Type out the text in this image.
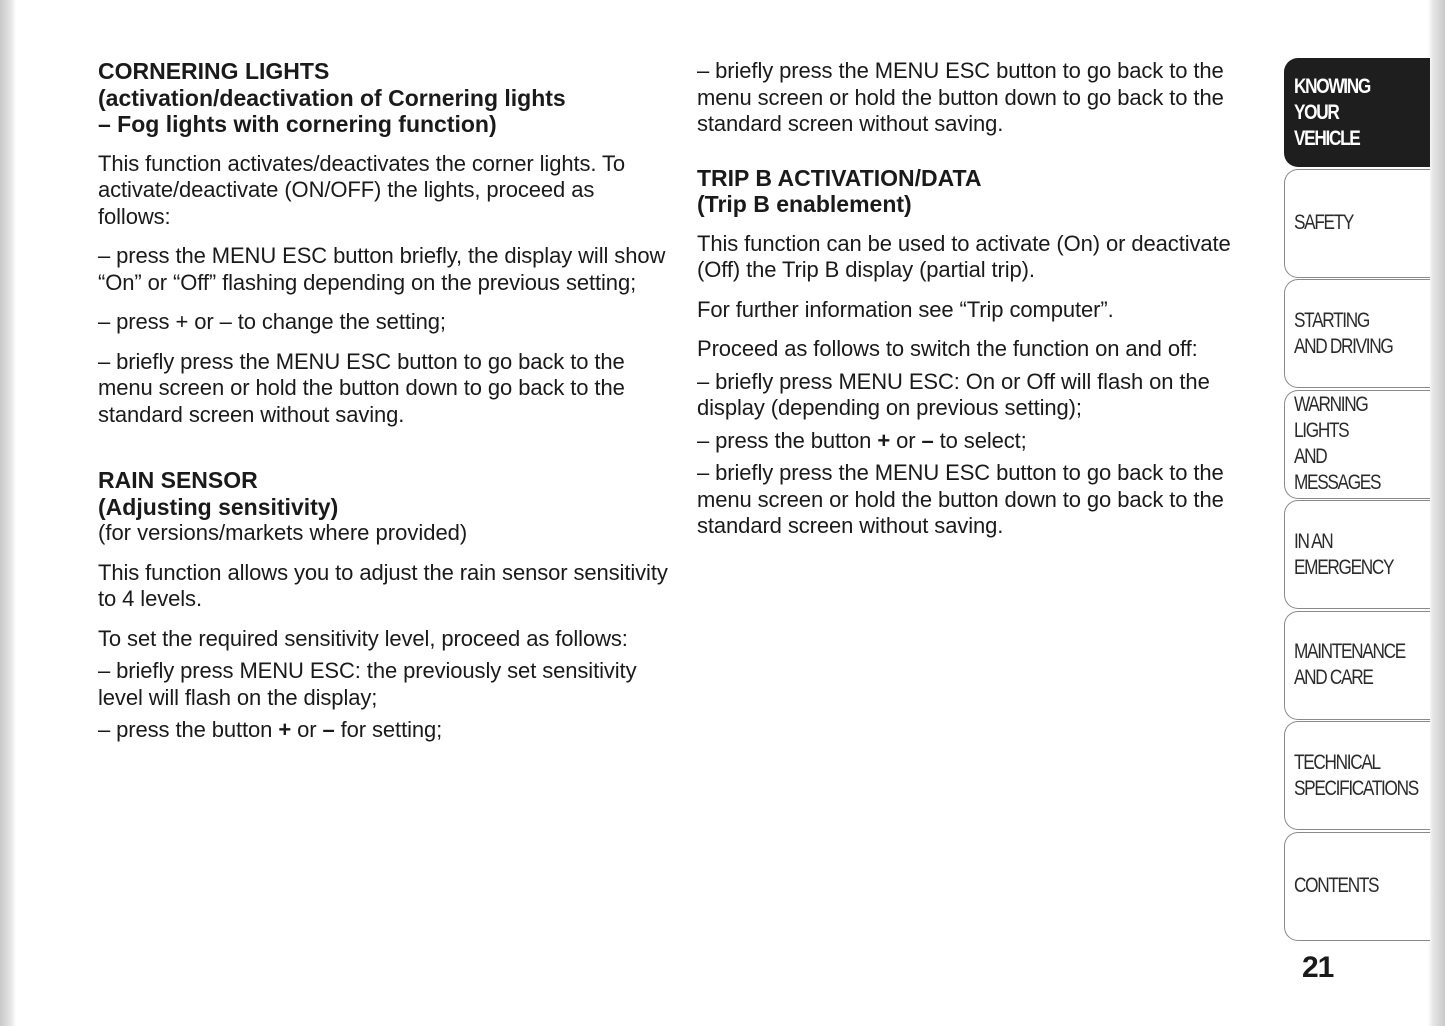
CORNERING LIGHTS
(activation/deactivation of Cornering lights
– Fog lights with cornering function)

This function activates/deactivates the corner lights. To activate/deactivate (ON/OFF) the lights, proceed as follows:

– press the MENU ESC button briefly, the display will show “On” or “Off” flashing depending on the previous setting;

– press + or – to change the setting;

– briefly press the MENU ESC button to go back to the menu screen or hold the button down to go back to the standard screen without saving.

RAIN SENSOR
(Adjusting sensitivity)
(for versions/markets where provided)

This function allows you to adjust the rain sensor sensitivity to 4 levels.

To set the required sensitivity level, proceed as follows:

– briefly press MENU ESC: the previously set sensitivity level will flash on the display;

– press the button + or – for setting;

– briefly press the MENU ESC button to go back to the menu screen or hold the button down to go back to the standard screen without saving.

TRIP B ACTIVATION/DATA
(Trip B enablement)

This function can be used to activate (On) or deactivate (Off) the Trip B display (partial trip).

For further information see “Trip computer”.

Proceed as follows to switch the function on and off:

– briefly press MENU ESC: On or Off will flash on the display (depending on previous setting);

– press the button + or – to select;

– briefly press the MENU ESC button to go back to the menu screen or hold the button down to go back to the standard screen without saving.

KNOWING
YOUR VEHICLE
SAFETY
STARTING
AND DRIVING
WARNING LIGHTS
AND MESSAGES
IN AN
EMERGENCY
MAINTENANCE
AND CARE
TECHNICAL
SPECIFICATIONS
CONTENTS
21
